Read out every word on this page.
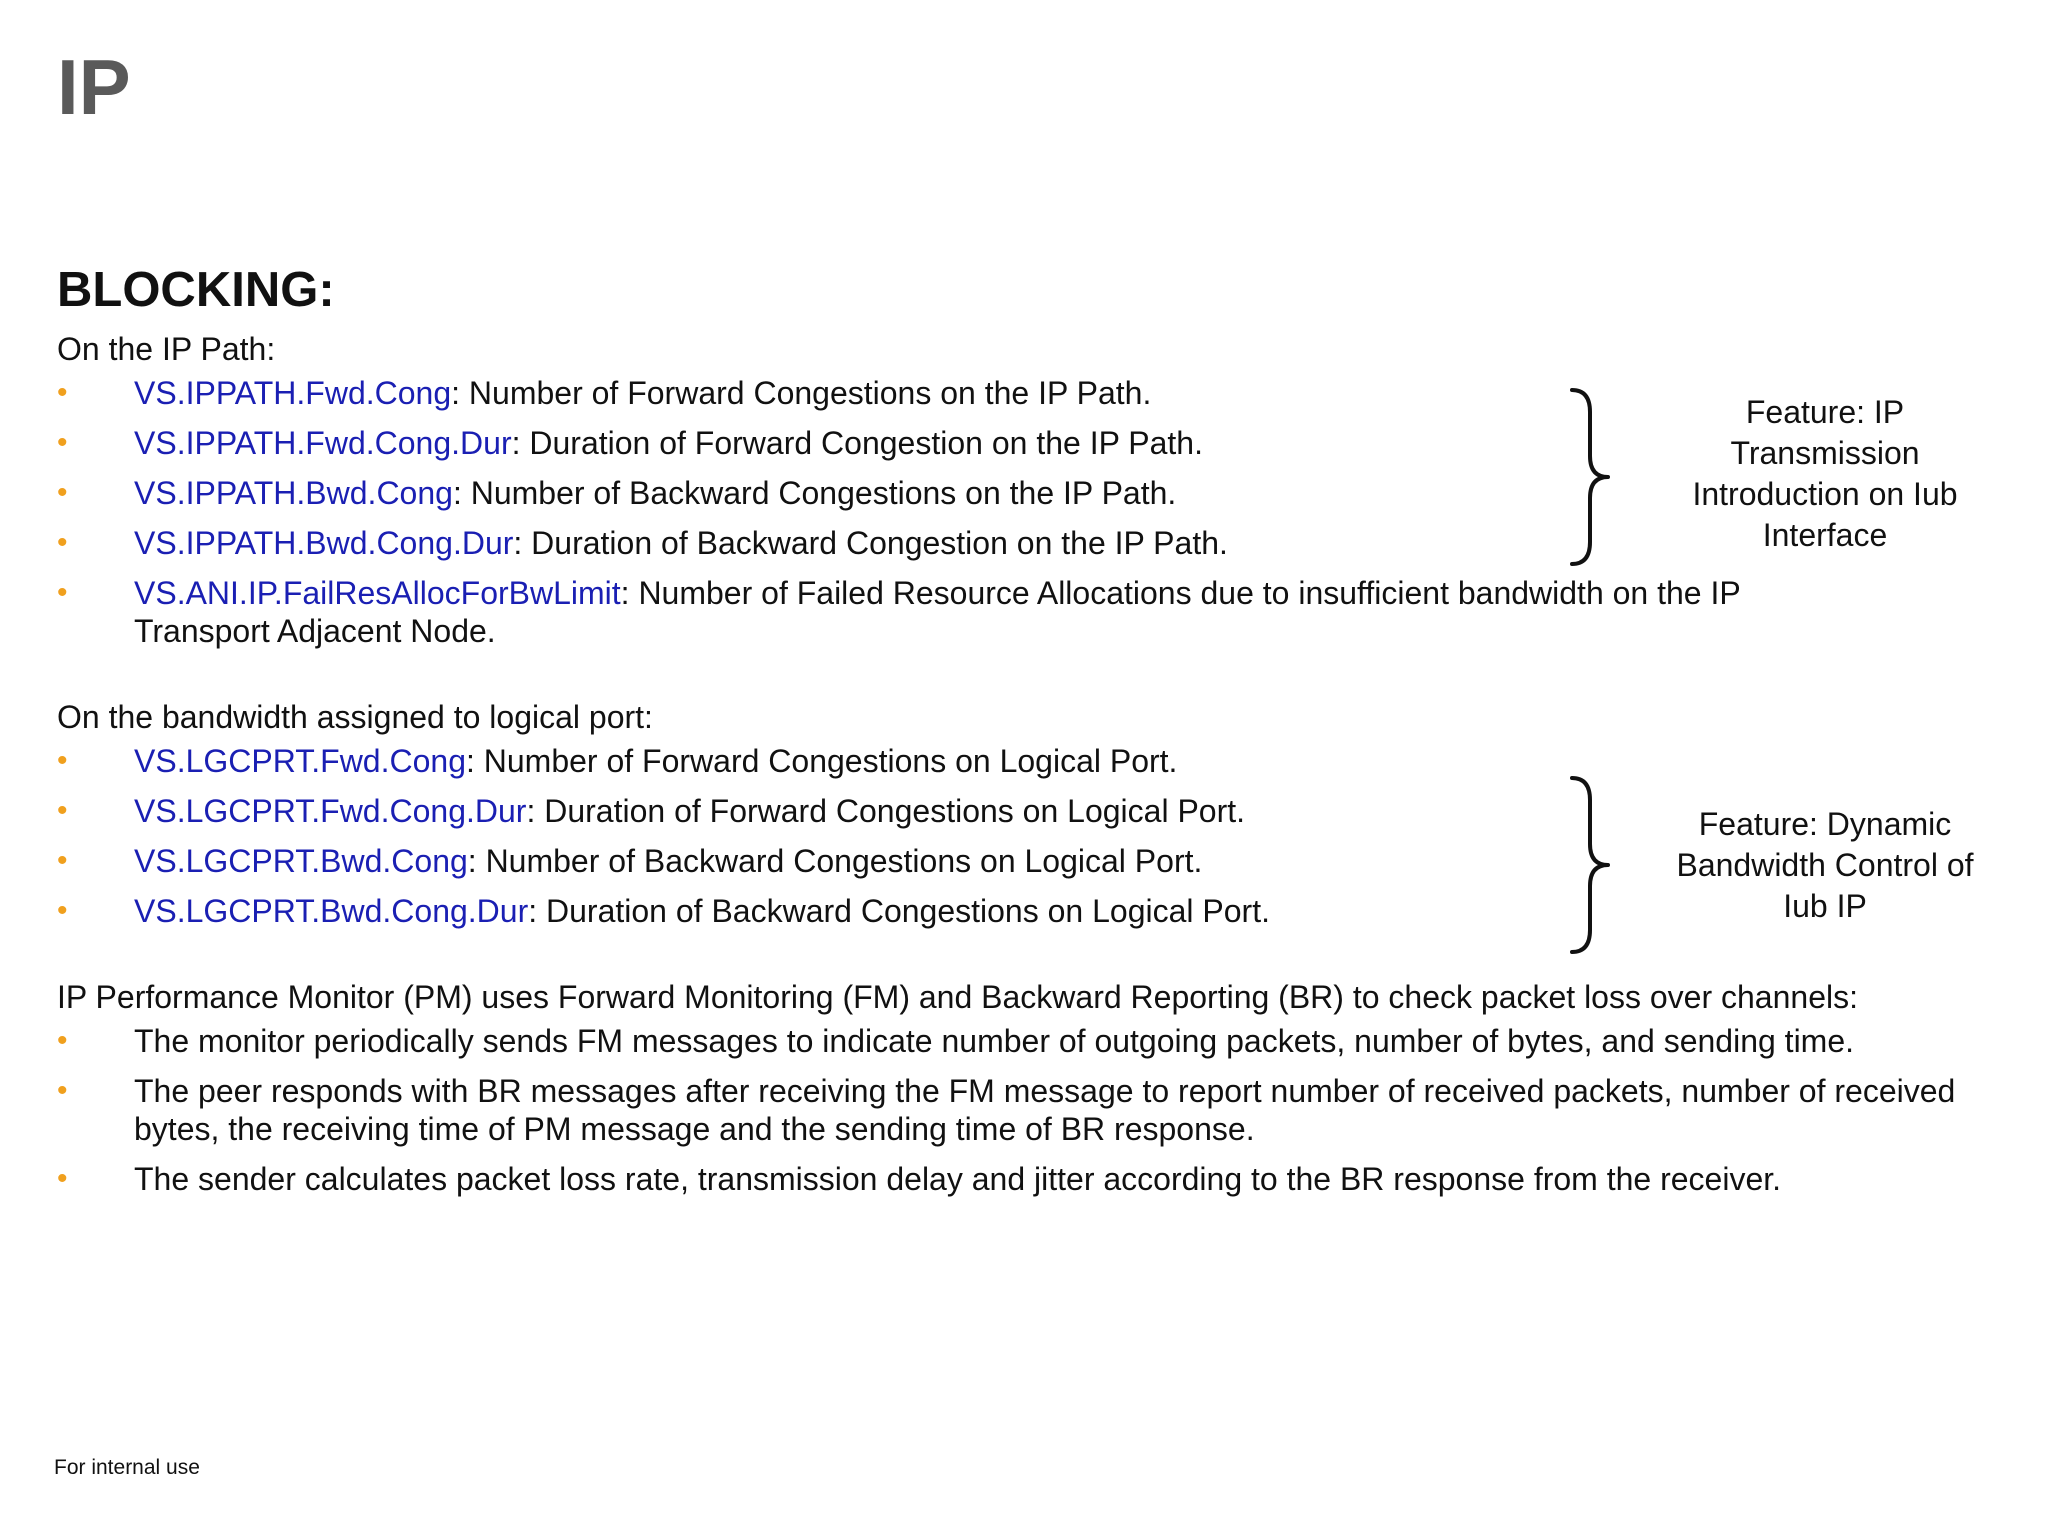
IP
BLOCKING:

On the IP Path:

• VS.IPPATH.Fwd.Cong: Number of Forward Congestions on the IP Path.
• VS.IPPATH.Fwd.Cong.Dur: Duration of Forward Congestion on the IP Path.
• VS.IPPATH.Bwd.Cong: Number of Backward Congestions on the IP Path.
• VS.IPPATH.Bwd.Cong.Dur: Duration of Backward Congestion on the IP Path.
• VS.ANI.IP.FailResAllocForBwLimit: Number of Failed Resource Allocations due to insufficient bandwidth on the IP Transport Adjacent Node.

On the bandwidth assigned to logical port:

• VS.LGCPRT.Fwd.Cong: Number of Forward Congestions on Logical Port.
• VS.LGCPRT.Fwd.Cong.Dur: Duration of Forward Congestions on Logical Port.
• VS.LGCPRT.Bwd.Cong: Number of Backward Congestions on Logical Port.
• VS.LGCPRT.Bwd.Cong.Dur: Duration of Backward Congestions on Logical Port.

IP Performance Monitor (PM) uses Forward Monitoring (FM) and Backward Reporting (BR) to check packet loss over channels:

• The monitor periodically sends FM messages to indicate number of outgoing packets, number of bytes, and sending time.
• The peer responds with BR messages after receiving the FM message to report number of received packets, number of received bytes, the receiving time of PM message and the sending time of BR response.
• The sender calculates packet loss rate, transmission delay and jitter according to the BR response from the receiver.
Feature: IP
Transmission
Introduction on Iub
Interface
Feature: Dynamic
Bandwidth Control of
Iub IP
For internal use
